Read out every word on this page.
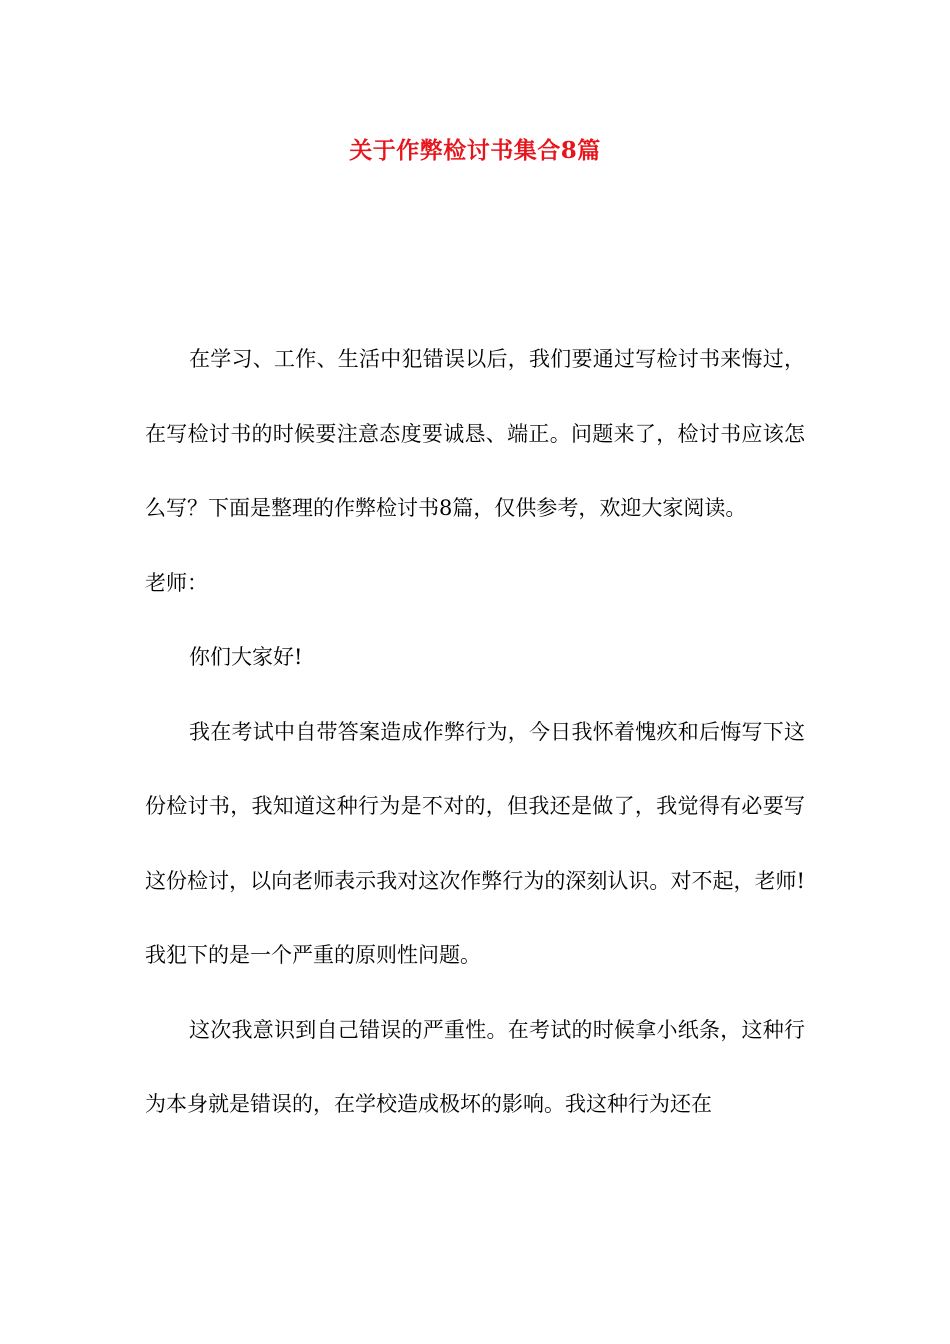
关于作弊检讨书集合8篇

在学习、工作、生活中犯错误以后，我们要通过写检讨书来悔过，在写检讨书的时候要注意态度要诚恳、端正。问题来了，检讨书应该怎么写？下面是整理的作弊检讨书8篇，仅供参考，欢迎大家阅读。

老师：

你们大家好!

我在考试中自带答案造成作弊行为，今日我怀着愧疚和后悔写下这份检讨书，我知道这种行为是不对的，但我还是做了，我觉得有必要写这份检讨，以向老师表示我对这次作弊行为的深刻认识。对不起，老师!我犯下的是一个严重的原则性问题。

这次我意识到自己错误的严重性。在考试的时候拿小纸条，这种行为本身就是错误的，在学校造成极坏的影响。我这种行为还在
